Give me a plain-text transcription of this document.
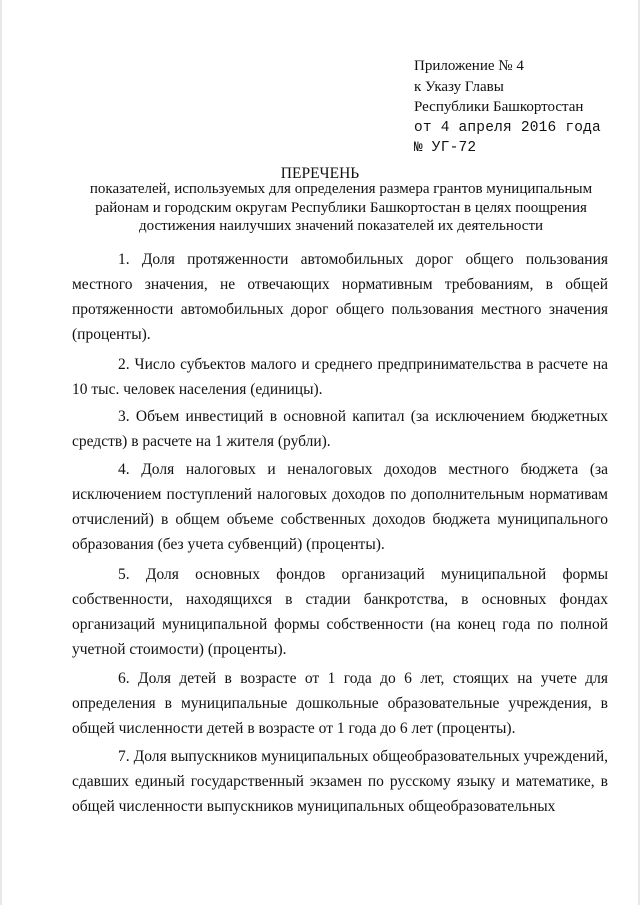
Приложение № 4
к Указу Главы
Республики Башкортостан
от 4 апреля 2016 года
№ УГ-72
ПЕРЕЧЕНЬ
показателей, используемых для определения размера грантов муниципальным районам и городским округам Республики Башкортостан в целях поощрения достижения наилучших значений показателей их деятельности
1. Доля протяженности автомобильных дорог общего пользования местного значения, не отвечающих нормативным требованиям, в общей протяженности автомобильных дорог общего пользования местного значения (проценты).
2. Число субъектов малого и среднего предпринимательства в расчете на 10 тыс. человек населения (единицы).
3. Объем инвестиций в основной капитал (за исключением бюджетных средств) в расчете на 1 жителя (рубли).
4. Доля налоговых и неналоговых доходов местного бюджета (за исключением поступлений налоговых доходов по дополнительным нормативам отчислений) в общем объеме собственных доходов бюджета муниципального образования (без учета субвенций) (проценты).
5. Доля основных фондов организаций муниципальной формы собственности, находящихся в стадии банкротства, в основных фондах организаций муниципальной формы собственности (на конец года по полной учетной стоимости) (проценты).
6. Доля детей в возрасте от 1 года до 6 лет, стоящих на учете для определения в муниципальные дошкольные образовательные учреждения, в общей численности детей в возрасте от 1 года до 6 лет (проценты).
7. Доля выпускников муниципальных общеобразовательных учреждений, сдавших единый государственный экзамен по русскому языку и математике, в общей численности выпускников муниципальных общеобразовательных
